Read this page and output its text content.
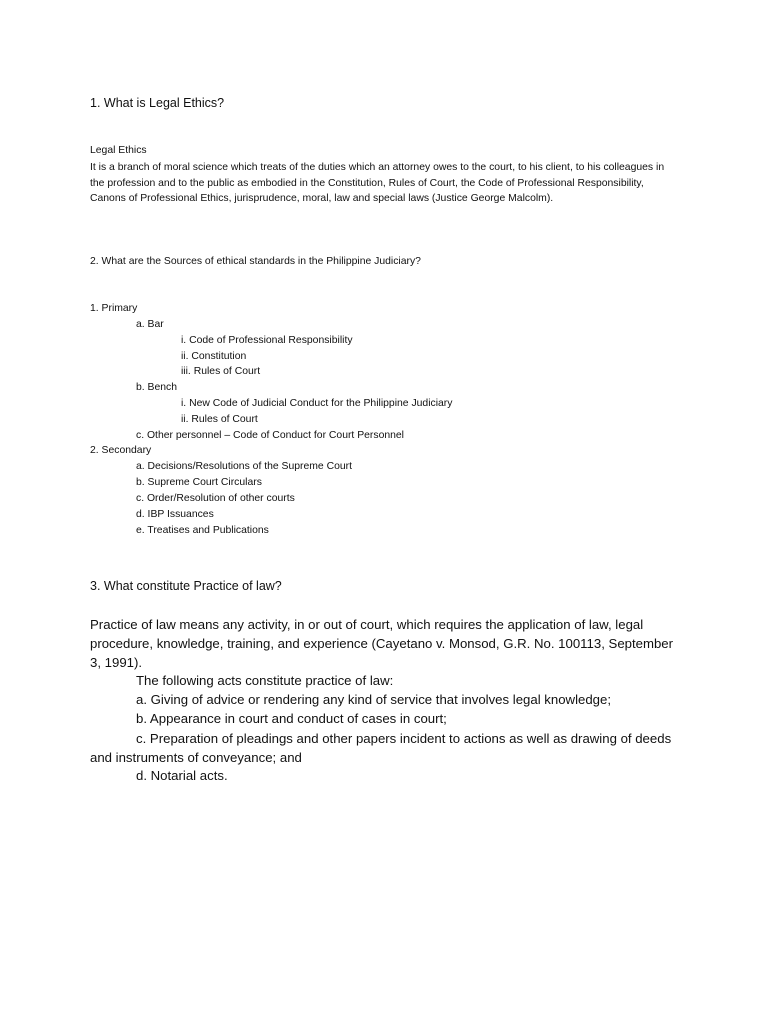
1. What is Legal Ethics?

Legal Ethics

It is a branch of moral science which treats of the duties which an attorney owes to the court, to his client, to his colleagues in the profession and to the public as embodied in the Constitution, Rules of Court, the Code of Professional Responsibility, Canons of Professional Ethics, jurisprudence, moral, law and special laws (Justice George Malcolm).

2. What are the Sources of ethical standards in the Philippine Judiciary?

1. Primary

a. Bar

i. Code of Professional Responsibility

ii. Constitution

iii. Rules of Court

b. Bench

i. New Code of Judicial Conduct for the Philippine Judiciary

ii. Rules of Court

c. Other personnel – Code of Conduct for Court Personnel

2. Secondary

a. Decisions/Resolutions of the Supreme Court

b. Supreme Court Circulars

c. Order/Resolution of other courts

d. IBP Issuances

e. Treatises and Publications

3. What constitute Practice of law?

Practice of law means any activity, in or out of court, which requires the application of law, legal procedure, knowledge, training, and experience (Cayetano v. Monsod, G.R. No. 100113, September 3, 1991).

The following acts constitute practice of law:

a. Giving of advice or rendering any kind of service that involves legal knowledge;

b. Appearance in court and conduct of cases in court;

c. Preparation of pleadings and other papers incident to actions as well as drawing of deeds and instruments of conveyance; and

d. Notarial acts.
